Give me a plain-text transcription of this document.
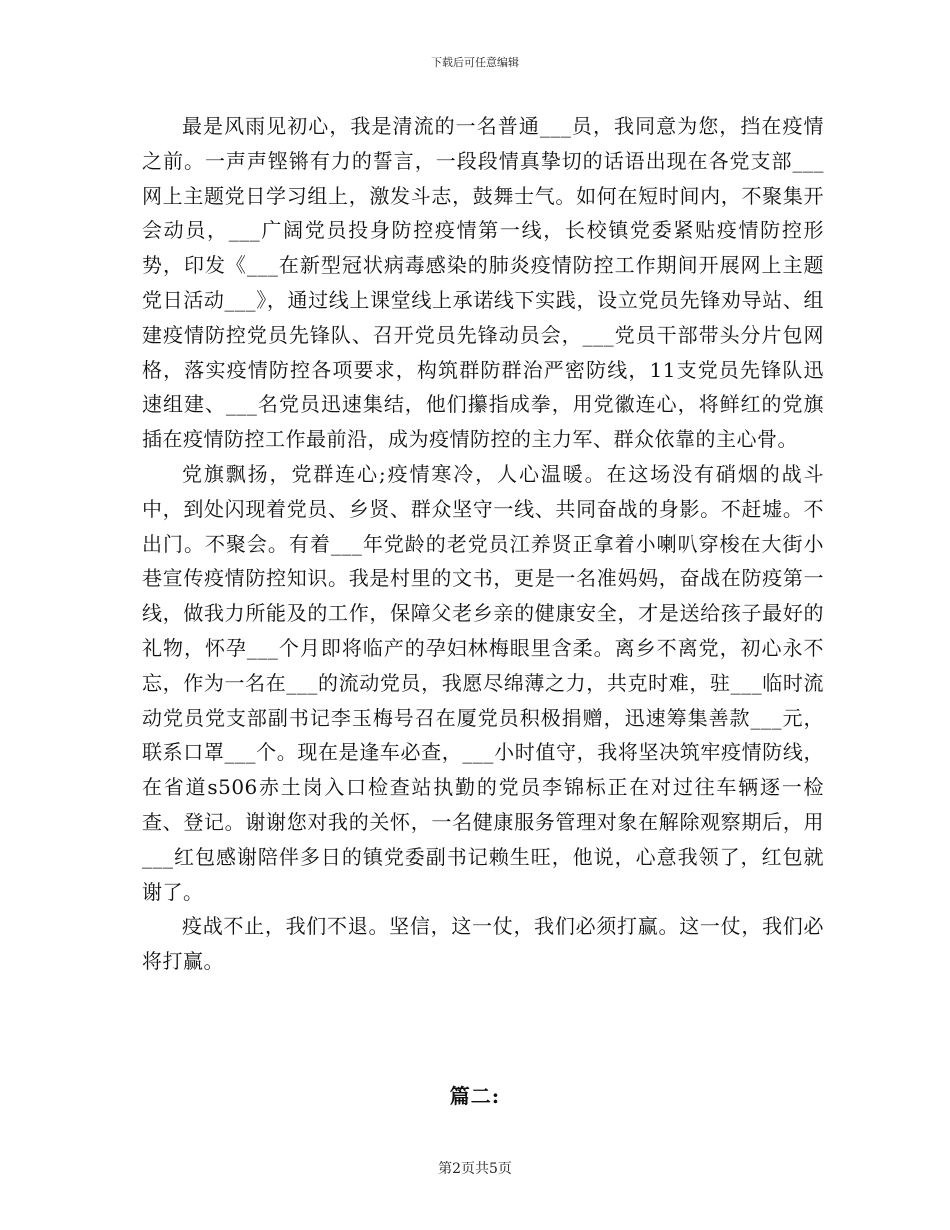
下载后可任意编辑

最是风雨见初心，我是清流的一名普通___员，我同意为您，挡在疫情之前。一声声铿锵有力的誓言，一段段情真挚切的话语出现在各党支部___网上主题党日学习组上，激发斗志，鼓舞士气。如何在短时间内，不聚集开会动员，___广阔党员投身防控疫情第一线，长校镇党委紧贴疫情防控形势，印发《___在新型冠状病毒感染的肺炎疫情防控工作期间开展网上主题党日活动___》，通过线上课堂线上承诺线下实践，设立党员先锋劝导站、组建疫情防控党员先锋队、召开党员先锋动员会，___党员干部带头分片包网格，落实疫情防控各项要求，构筑群防群治严密防线，11支党员先锋队迅速组建、___名党员迅速集结，他们攥指成拳，用党徽连心，将鲜红的党旗插在疫情防控工作最前沿，成为疫情防控的主力军、群众依靠的主心骨。

党旗飘扬，党群连心;疫情寒冷，人心温暖。在这场没有硝烟的战斗中，到处闪现着党员、乡贤、群众坚守一线、共同奋战的身影。不赶墟。不出门。不聚会。有着___年党龄的老党员江养贤正拿着小喇叭穿梭在大街小巷宣传疫情防控知识。我是村里的文书，更是一名准妈妈，奋战在防疫第一线，做我力所能及的工作，保障父老乡亲的健康安全，才是送给孩子最好的礼物，怀孕___个月即将临产的孕妇林梅眼里含柔。离乡不离党，初心永不忘，作为一名在___的流动党员，我愿尽绵薄之力，共克时难，驻___临时流动党员党支部副书记李玉梅号召在厦党员积极捐赠，迅速筹集善款___元，联系口罩___个。现在是逢车必查，___小时值守，我将坚决筑牢疫情防线，在省道s506赤土岗入口检查站执勤的党员李锦标正在对过往车辆逐一检查、登记。谢谢您对我的关怀，一名健康服务管理对象在解除观察期后，用___红包感谢陪伴多日的镇党委副书记赖生旺，他说，心意我领了，红包就谢了。

疫战不止，我们不退。坚信，这一仗，我们必须打赢。这一仗，我们必将打赢。

篇二:
第2页共5页
